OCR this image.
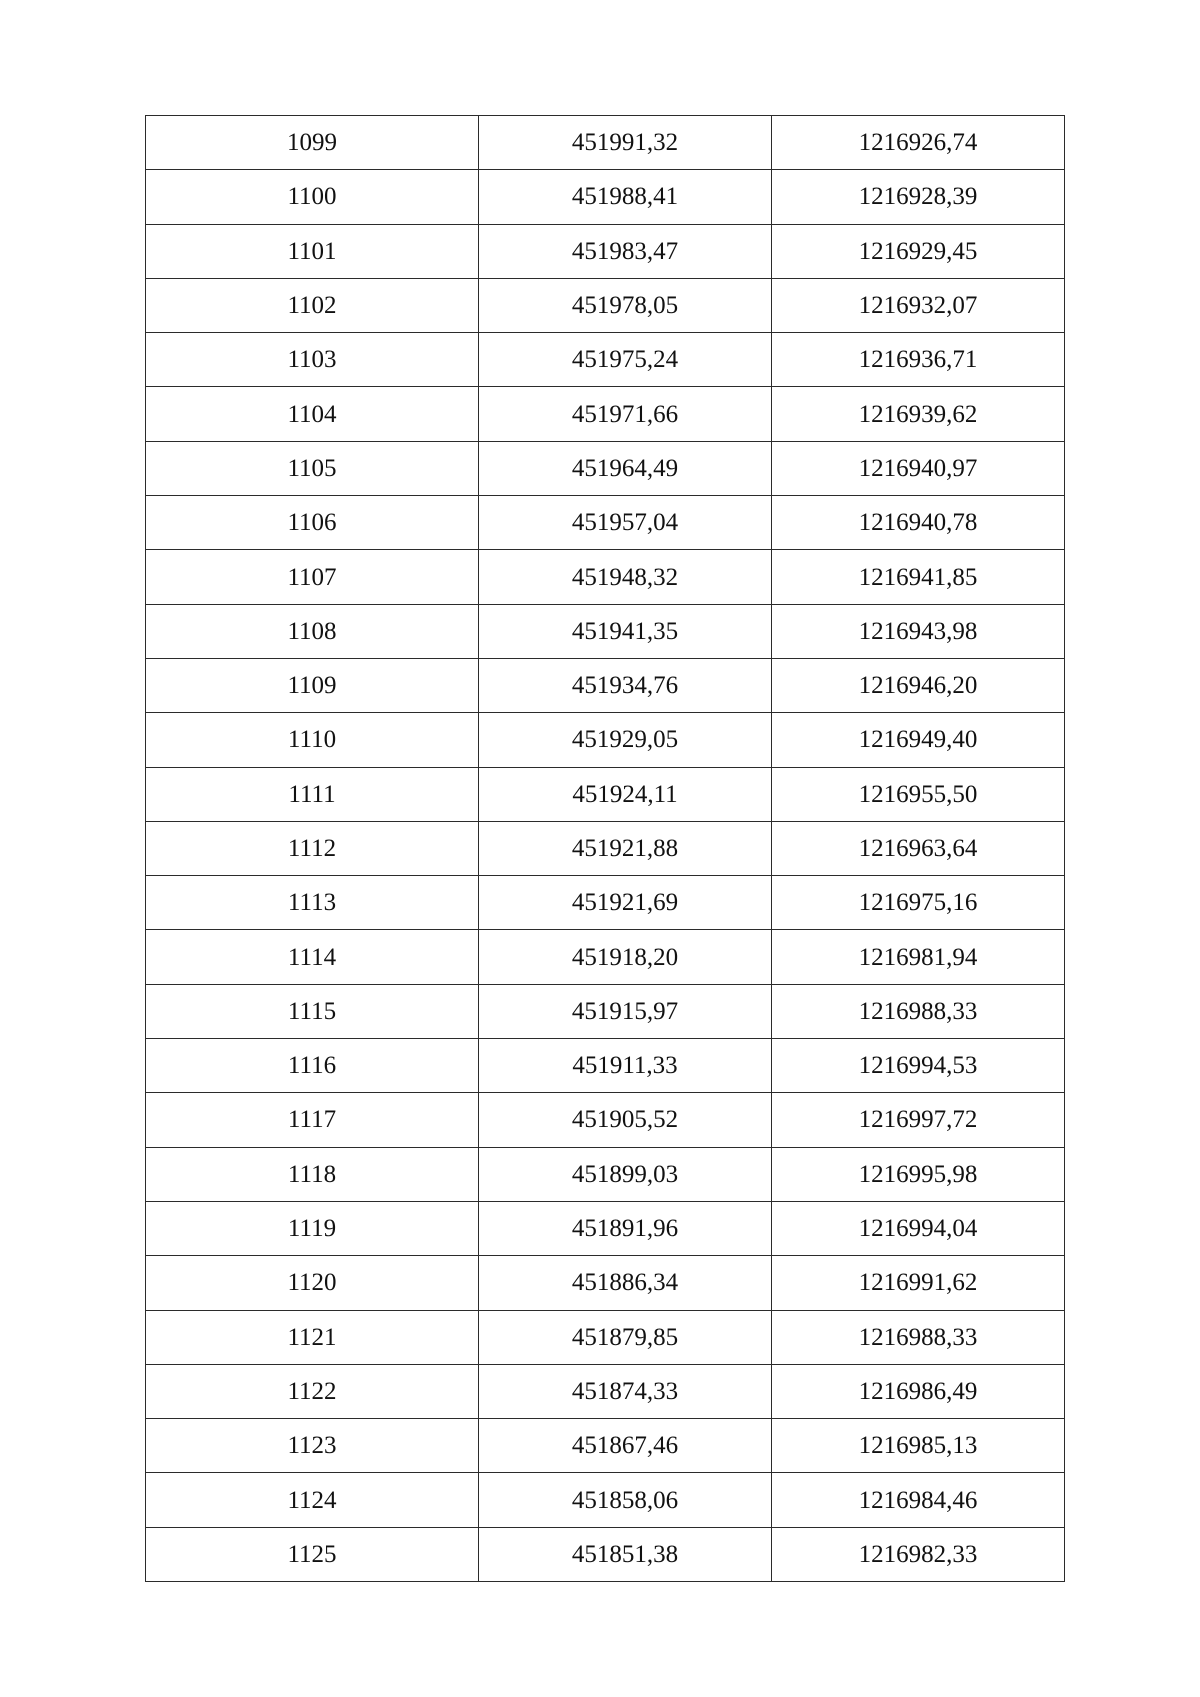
1099	451991,32	1216926,74
1100	451988,41	1216928,39
1101	451983,47	1216929,45
1102	451978,05	1216932,07
1103	451975,24	1216936,71
1104	451971,66	1216939,62
1105	451964,49	1216940,97
1106	451957,04	1216940,78
1107	451948,32	1216941,85
1108	451941,35	1216943,98
1109	451934,76	1216946,20
1110	451929,05	1216949,40
1111	451924,11	1216955,50
1112	451921,88	1216963,64
1113	451921,69	1216975,16
1114	451918,20	1216981,94
1115	451915,97	1216988,33
1116	451911,33	1216994,53
1117	451905,52	1216997,72
1118	451899,03	1216995,98
1119	451891,96	1216994,04
1120	451886,34	1216991,62
1121	451879,85	1216988,33
1122	451874,33	1216986,49
1123	451867,46	1216985,13
1124	451858,06	1216984,46
1125	451851,38	1216982,33
